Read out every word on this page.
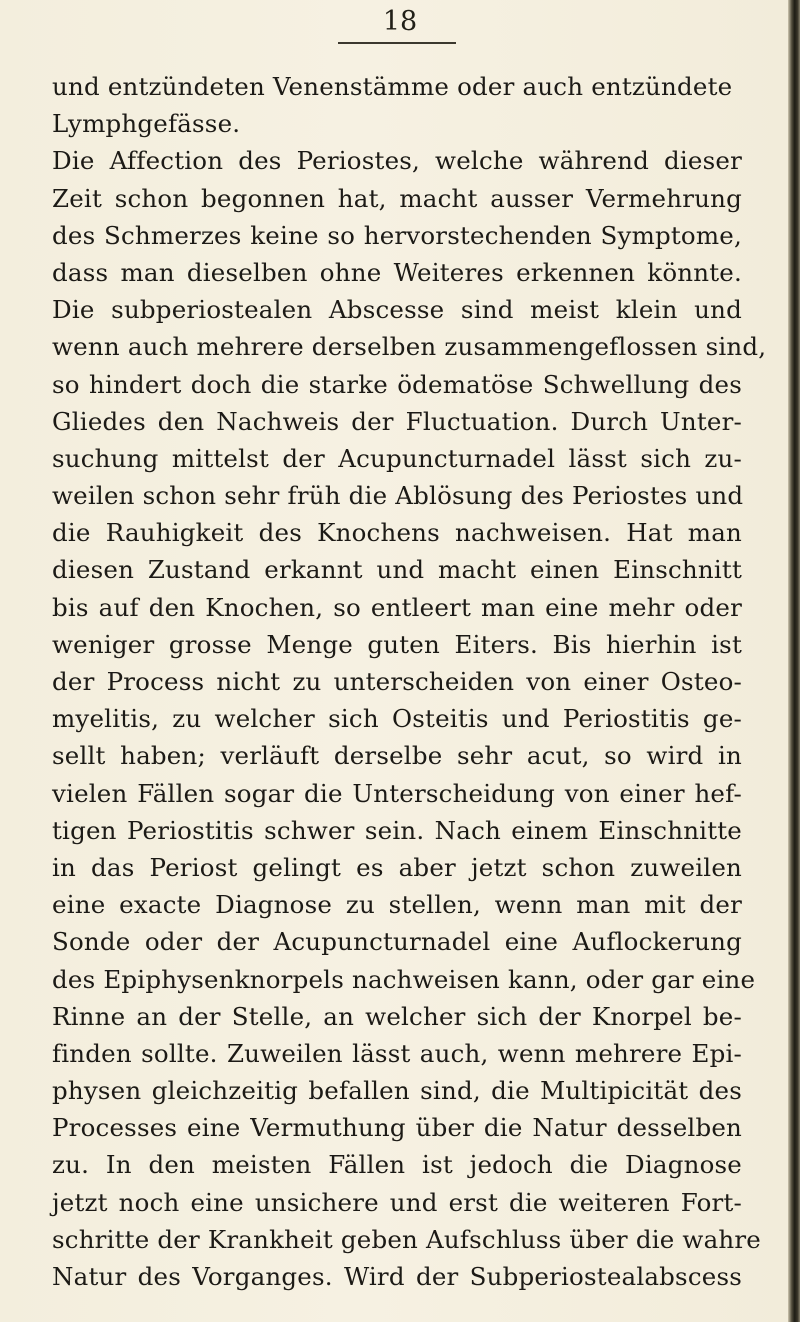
18
und entzündeten Venenstämme oder auch entzündete
Lymphgefässe.
Die Affection des Periostes, welche während dieser
Zeit schon begonnen hat, macht ausser Vermehrung
des Schmerzes keine so hervorstechenden Symptome,
dass man dieselben ohne Weiteres erkennen könnte.
Die subperiostealen Abscesse sind meist klein und
wenn auch mehrere derselben zusammengeflossen sind,
so hindert doch die starke ödematöse Schwellung des
Gliedes den Nachweis der Fluctuation. Durch Unter-
suchung mittelst der Acupuncturnadel lässt sich zu-
weilen schon sehr früh die Ablösung des Periostes und
die Rauhigkeit des Knochens nachweisen. Hat man
diesen Zustand erkannt und macht einen Einschnitt
bis auf den Knochen, so entleert man eine mehr oder
weniger grosse Menge guten Eiters. Bis hierhin ist
der Process nicht zu unterscheiden von einer Osteo-
myelitis, zu welcher sich Osteitis und Periostitis ge-
sellt haben; verläuft derselbe sehr acut, so wird in
vielen Fällen sogar die Unterscheidung von einer hef-
tigen Periostitis schwer sein. Nach einem Einschnitte
in das Periost gelingt es aber jetzt schon zuweilen
eine exacte Diagnose zu stellen, wenn man mit der
Sonde oder der Acupuncturnadel eine Auflockerung
des Epiphysenknorpels nachweisen kann, oder gar eine
Rinne an der Stelle, an welcher sich der Knorpel be-
finden sollte. Zuweilen lässt auch, wenn mehrere Epi-
physen gleichzeitig befallen sind, die Multipicität des
Processes eine Vermuthung über die Natur desselben
zu. In den meisten Fällen ist jedoch die Diagnose
jetzt noch eine unsichere und erst die weiteren Fort-
schritte der Krankheit geben Aufschluss über die wahre
Natur des Vorganges. Wird der Subperiostealabscess
